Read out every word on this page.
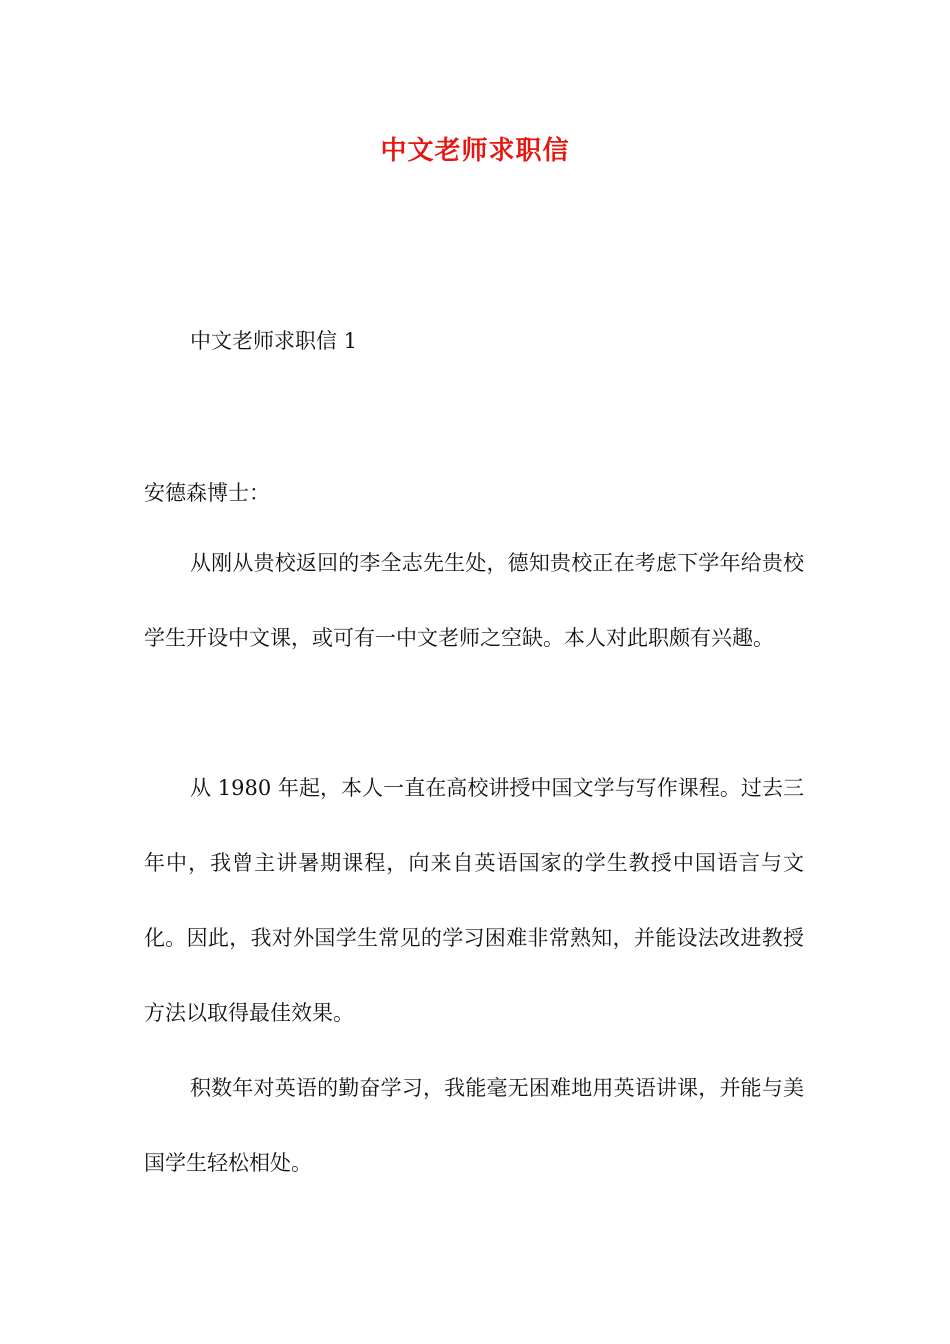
中文老师求职信
中文老师求职信 1
安德森博士：

从刚从贵校返回的李全志先生处，德知贵校正在考虑下学年给贵校学生开设中文课，或可有一中文老师之空缺。本人对此职颇有兴趣。

从 1980 年起，本人一直在高校讲授中国文学与写作课程。过去三年中，我曾主讲暑期课程，向来自英语国家的学生教授中国语言与文化。因此，我对外国学生常见的学习困难非常熟知，并能设法改进教授方法以取得最佳效果。

积数年对英语的勤奋学习，我能毫无困难地用英语讲课，并能与美国学生轻松相处。
